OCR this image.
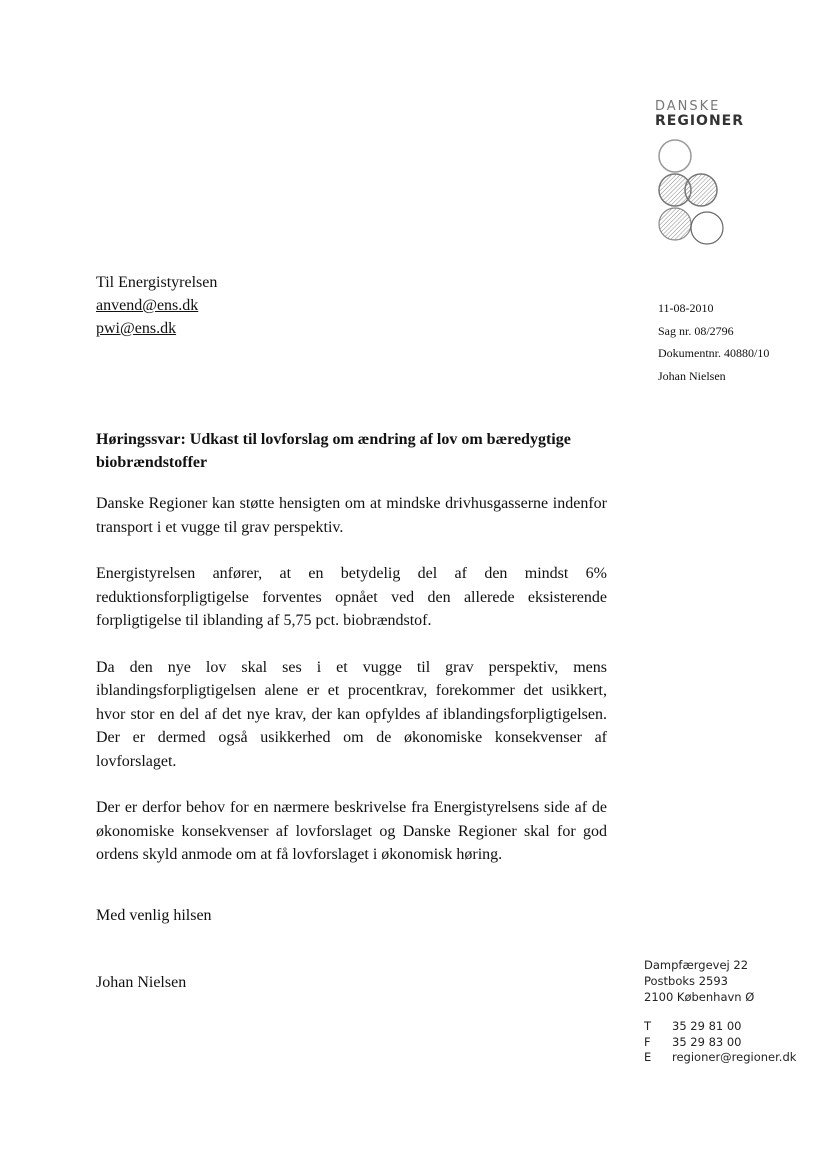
DANSKE
REGIONER
Til Energistyrelsen
anvend@ens.dk
pwi@ens.dk
11-08-2010
Sag nr. 08/2796
Dokumentnr. 40880/10
Johan Nielsen
Høringssvar: Udkast til lovforslag om ændring af lov om bæredygtige biobrændstoffer

Danske Regioner kan støtte hensigten om at mindske drivhusgasserne indenfor transport i et vugge til grav perspektiv.

Energistyrelsen anfører, at en betydelig del af den mindst 6% reduktionsforpligtigelse forventes opnået ved den allerede eksisterende forpligtigelse til iblanding af 5,75 pct. biobrændstof.

Da den nye lov skal ses i et vugge til grav perspektiv, mens iblandingsforpligtigelsen alene er et procentkrav, forekommer det usikkert, hvor stor en del af det nye krav, der kan opfyldes af iblandingsforpligtigelsen. Der er dermed også usikkerhed om de økonomiske konsekvenser af lovforslaget.

Der er derfor behov for en nærmere beskrivelse fra Energistyrelsens side af de økonomiske konsekvenser af lovforslaget og Danske Regioner skal for god ordens skyld anmode om at få lovforslaget i økonomisk høring.

Med venlig hilsen
Johan Nielsen
Dampfærgevej 22
Postboks 2593
2100 København Ø
T	35 29 81 00
F	35 29 83 00
E	regioner@regioner.dk
